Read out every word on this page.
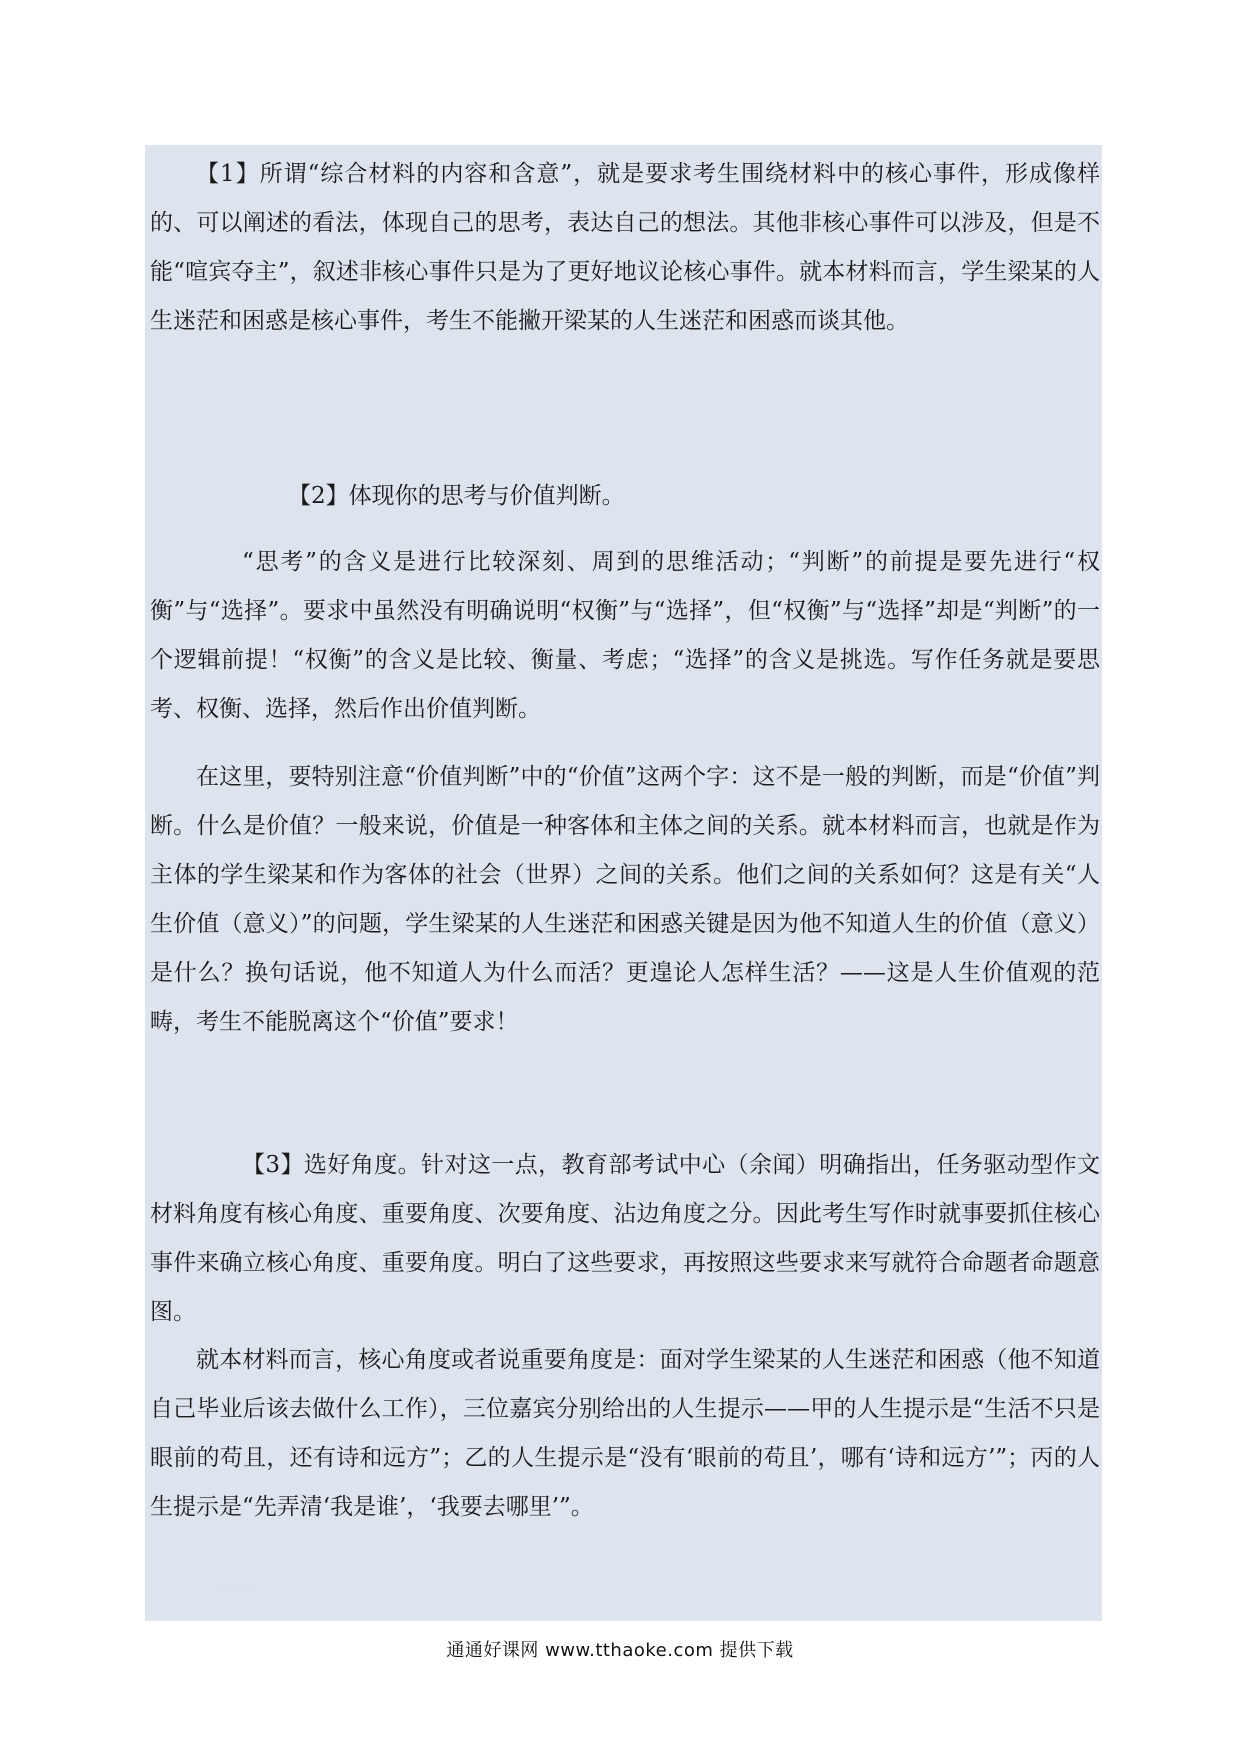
【1】所谓“综合材料的内容和含意”，就是要求考生围绕材料中的核心事件，形成像样的、可以阐述的看法，体现自己的思考，表达自己的想法。其他非核心事件可以涉及，但是不能“喧宾夺主”，叙述非核心事件只是为了更好地议论核心事件。就本材料而言，学生梁某的人生迷茫和困惑是核心事件，考生不能撇开梁某的人生迷茫和困惑而谈其他。

【2】体现你的思考与价值判断。

“思考”的含义是进行比较深刻、周到的思维活动；“判断”的前提是要先进行“权衡”与“选择”。要求中虽然没有明确说明“权衡”与“选择”，但“权衡”与“选择”却是“判断”的一个逻辑前提！“权衡”的含义是比较、衡量、考虑；“选择”的含义是挑选。写作任务就是要思考、权衡、选择，然后作出价值判断。

在这里，要特别注意“价值判断”中的“价值”这两个字：这不是一般的判断，而是“价值”判断。什么是价值？一般来说，价值是一种客体和主体之间的关系。就本材料而言，也就是作为主体的学生梁某和作为客体的社会（世界）之间的关系。他们之间的关系如何？这是有关“人生价值（意义）”的问题，学生梁某的人生迷茫和困惑关键是因为他不知道人生的价值（意义）是什么？换句话说，他不知道人为什么而活？更遑论人怎样生活？——这是人生价值观的范畴，考生不能脱离这个“价值”要求！

【3】选好角度。针对这一点，教育部考试中心（余闻）明确指出，任务驱动型作文材料角度有核心角度、重要角度、次要角度、沾边角度之分。因此考生写作时就事要抓住核心事件来确立核心角度、重要角度。明白了这些要求，再按照这些要求来写就符合命题者命题意图。

就本材料而言，核心角度或者说重要角度是：面对学生梁某的人生迷茫和困惑（他不知道自己毕业后该去做什么工作），三位嘉宾分别给出的人生提示——甲的人生提示是“生活不只是眼前的苟且，还有诗和远方”；乙的人生提示是“没有‘眼前的苟且’，哪有‘诗和远方’”；丙的人生提示是“先弄清‘我是谁’，‘我要去哪里’”。

· ·· · · ··
通通好课网 www.tthaoke.com 提供下载
